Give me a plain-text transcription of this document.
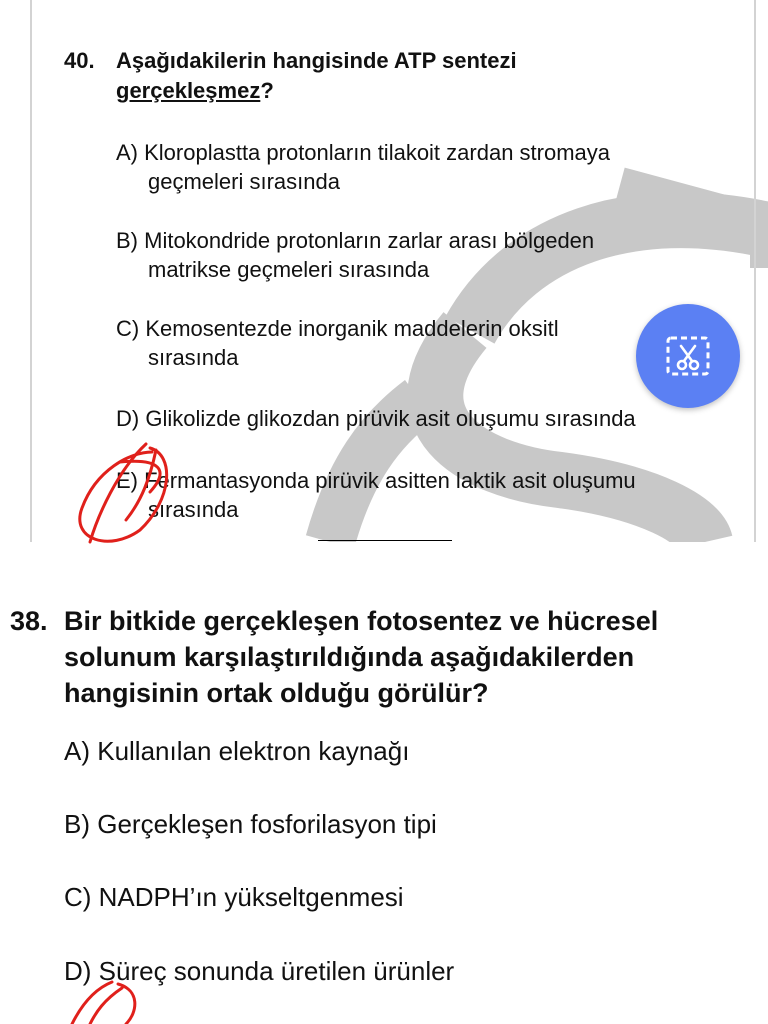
40. Aşağıdakilerin hangisinde ATP sentezi
gerçekleşmez?
A) Kloroplastta protonların tilakoit zardan stromaya
geçmeleri sırasında
B) Mitokondride protonların zarlar arası bölgeden
matrikse geçmeleri sırasında
C) Kemosentezde inorganik maddelerin oksitl
sırasında
D) Glikolizde glikozdan pirüvik asit oluşumu sırasında
E) Fermantasyonda pirüvik asitten laktik asit oluşumu
sırasında
38. Bir bitkide gerçekleşen fotosentez ve hücresel
solunum karşılaştırıldığında aşağıdakilerden
hangisinin ortak olduğu görülür?
A) Kullanılan elektron kaynağı
B) Gerçekleşen fosforilasyon tipi
C) NADPH’ın yükseltgenmesi
D) Süreç sonunda üretilen ürünler
